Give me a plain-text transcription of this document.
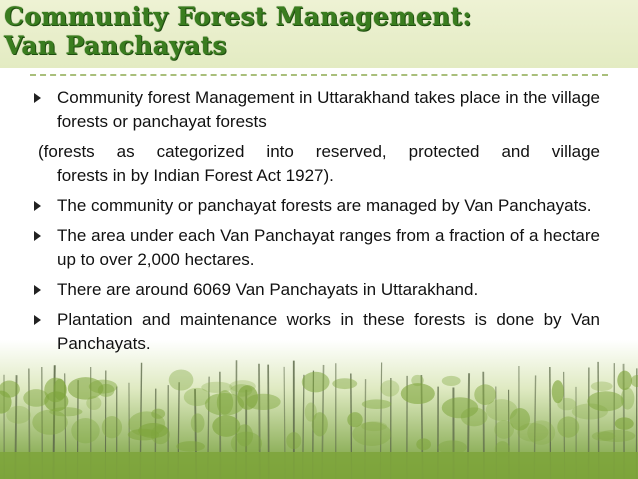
Community Forest Management:
Van Panchayats
Community forest Management in Uttarakhand takes place in the village forests or panchayat forests
(forests as categorized into reserved, protected and village
forests in by Indian Forest Act 1927).
The community or panchayat forests are managed by Van Panchayats.
The area under each Van Panchayat ranges from a fraction of a hectare up to over 2,000 hectares.
There are around 6069 Van Panchayats in Uttarakhand.
Plantation and maintenance works in these forests is done by Van Panchayats.
